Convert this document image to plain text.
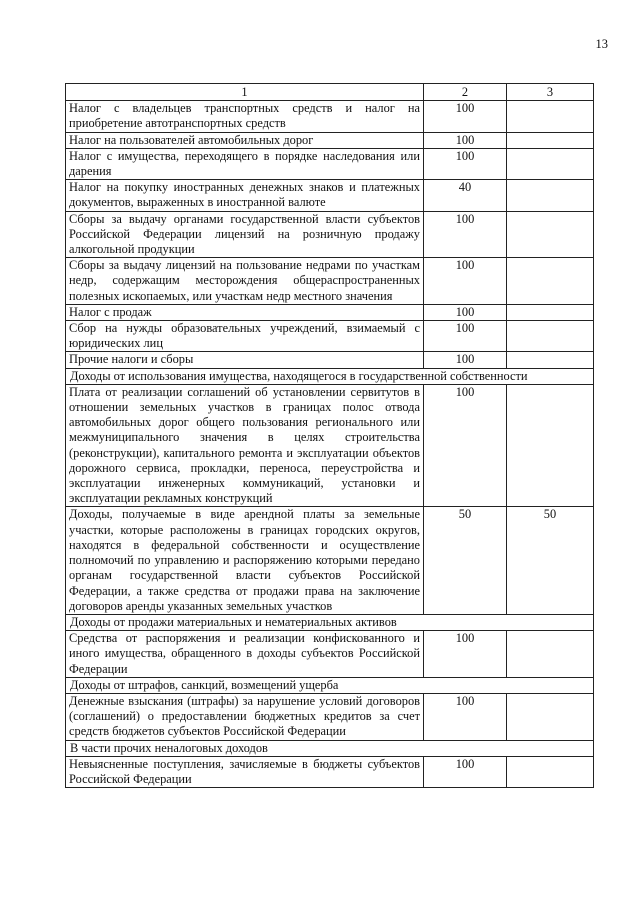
13
1	2	3
Налог с владельцев транспортных средств и налог на приобретение автотранспортных средств	100	
Налог на пользователей автомобильных дорог	100	
Налог с имущества, переходящего в порядке наследования или дарения	100	
Налог на покупку иностранных денежных знаков и платежных документов, выраженных в иностранной валюте	40	
Сборы за выдачу органами государственной власти субъектов Российской Федерации лицензий на розничную продажу алкогольной продукции	100	
Сборы за выдачу лицензий на пользование недрами по участкам недр, содержащим месторождения общераспространенных полезных ископаемых, или участкам недр местного значения	100	
Налог с продаж	100	
Сбор на нужды образовательных учреждений, взимаемый с юридических лиц	100	
Прочие налоги и сборы	100	
Доходы от использования имущества, находящегося в государственной собственности		
Плата от реализации соглашений об установлении сервитутов в отношении земельных участков в границах полос отвода автомобильных дорог общего пользования регионального или межмуниципального значения в целях строительства (реконструкции), капитального ремонта и эксплуатации объектов дорожного сервиса, прокладки, переноса, переустройства и эксплуатации инженерных коммуникаций, установки и эксплуатации рекламных конструкций	100	
Доходы, получаемые в виде арендной платы за земельные участки, которые расположены в границах городских округов, находятся в федеральной собственности и осуществление полномочий по управлению и распоряжению которыми передано органам государственной власти субъектов Российской Федерации, а также средства от продажи права на заключение договоров аренды указанных земельных участков	50	50
Доходы от продажи материальных и нематериальных активов		
Средства от распоряжения и реализации конфискованного и иного имущества, обращенного в доходы субъектов Российской Федерации	100	
Доходы от штрафов, санкций, возмещений ущерба		
Денежные взыскания (штрафы) за нарушение условий договоров (соглашений) о предоставлении бюджетных кредитов за счет средств бюджетов субъектов Российской Федерации	100	
В части прочих неналоговых доходов		
Невыясненные поступления, зачисляемые в бюджеты субъектов Российской Федерации	100	
